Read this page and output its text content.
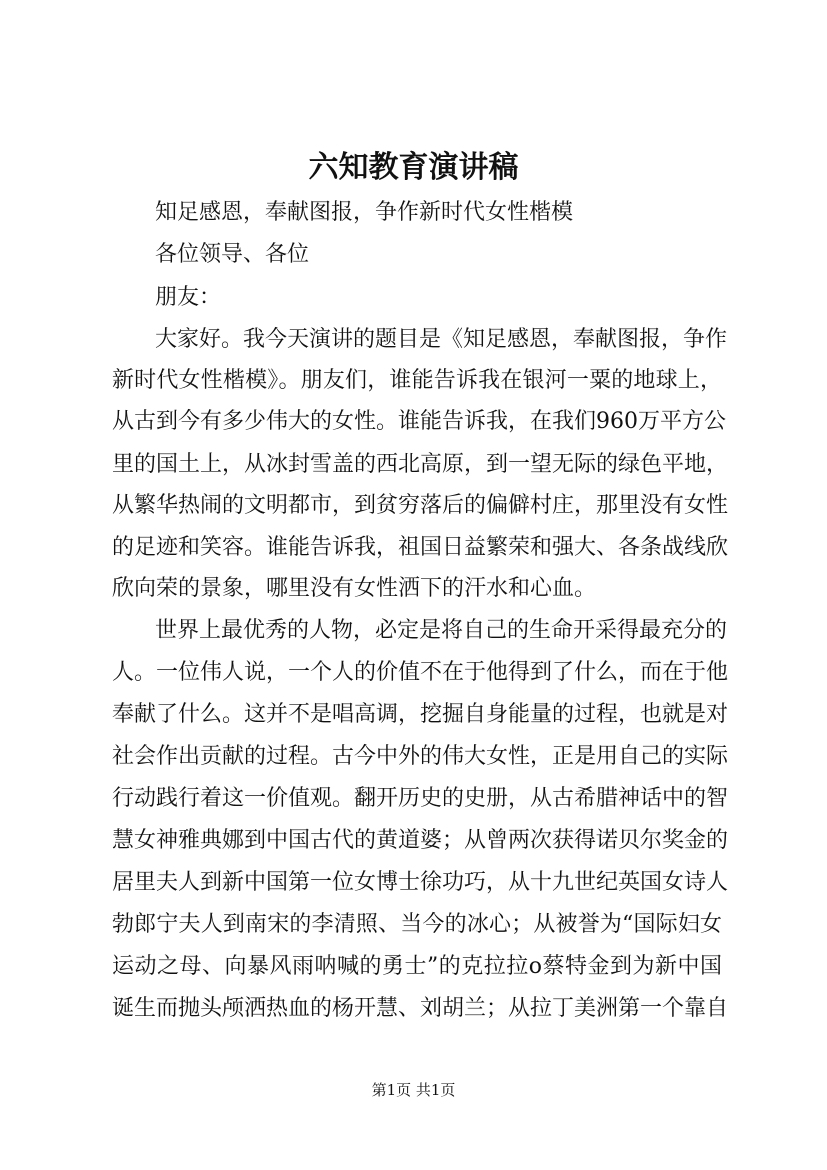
六知教育演讲稿
知足感恩，奉献图报，争作新时代女性楷模
各位领导、各位
朋友：
大家好。我今天演讲的题目是《知足感恩，奉献图报，争作
新时代女性楷模》。朋友们，谁能告诉我在银河一粟的地球上，
从古到今有多少伟大的女性。谁能告诉我，在我们960万平方公
里的国土上，从冰封雪盖的西北高原，到一望无际的绿色平地，
从繁华热闹的文明都市，到贫穷落后的偏僻村庄，那里没有女性
的足迹和笑容。谁能告诉我，祖国日益繁荣和强大、各条战线欣
欣向荣的景象，哪里没有女性洒下的汗水和心血。
世界上最优秀的人物，必定是将自己的生命开采得最充分的
人。一位伟人说，一个人的价值不在于他得到了什么，而在于他
奉献了什么。这并不是唱高调，挖掘自身能量的过程，也就是对
社会作出贡献的过程。古今中外的伟大女性，正是用自己的实际
行动践行着这一价值观。翻开历史的史册，从古希腊神话中的智
慧女神雅典娜到中国古代的黄道婆；从曾两次获得诺贝尔奖金的
居里夫人到新中国第一位女博士徐功巧，从十九世纪英国女诗人
勃郎宁夫人到南宋的李清照、当今的冰心；从被誉为“国际妇女
运动之母、向暴风雨呐喊的勇士”的克拉拉ο蔡特金到为新中国
诞生而抛头颅洒热血的杨开慧、刘胡兰；从拉丁美洲第一个靠自
第1页 共1页
